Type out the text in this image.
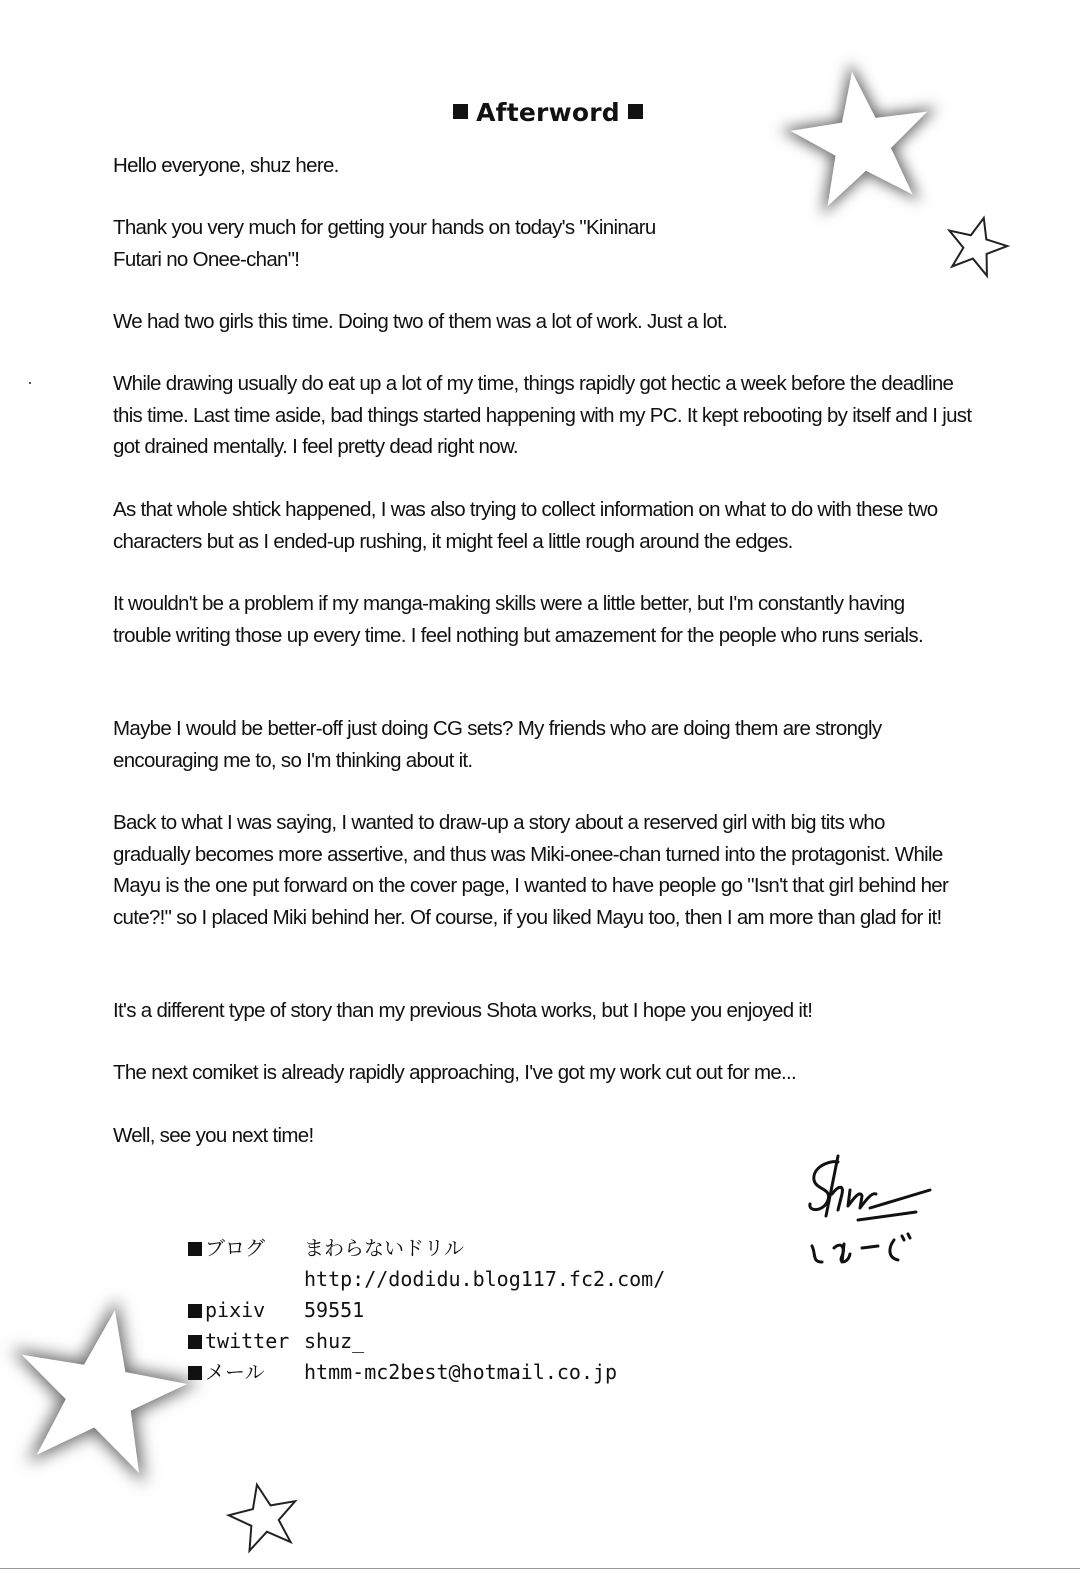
Afterword

Hello everyone, shuz here.

Thank you very much for getting your hands on today's "Kininaru Futari no Onee-chan"!

We had two girls this time. Doing two of them was a lot of work. Just a lot.

While drawing usually do eat up a lot of my time, things rapidly got hectic a week before the deadline this time. Last time aside, bad things started happening with my PC. It kept rebooting by itself and I just got drained mentally. I feel pretty dead right now.

As that whole shtick happened, I was also trying to collect information on what to do with these two characters but as I ended-up rushing, it might feel a little rough around the edges.

It wouldn't be a problem if my manga-making skills were a little better, but I'm constantly having trouble writing those up every time. I feel nothing but amazement for the people who runs serials.

Maybe I would be better-off just doing CG sets? My friends who are doing them are strongly encouraging me to, so I'm thinking about it.

Back to what I was saying, I wanted to draw-up a story about a reserved girl with big tits who gradually becomes more assertive, and thus was Miki-onee-chan turned into the protagonist. While Mayu is the one put forward on the cover page, I wanted to have people go "Isn't that girl behind her cute?!" so I placed Miki behind her. Of course, if you liked Mayu too, then I am more than glad for it!

It's a different type of story than my previous Shota works, but I hope you enjoyed it!

The next comiket is already rapidly approaching, I've got my work cut out for me...

Well, see you next time!

ブログ まわらないドリル
http://dodidu.blog117.fc2.com/
pixiv 59551
twitter shuz_
メール htmm-mc2best@hotmail.co.jp
